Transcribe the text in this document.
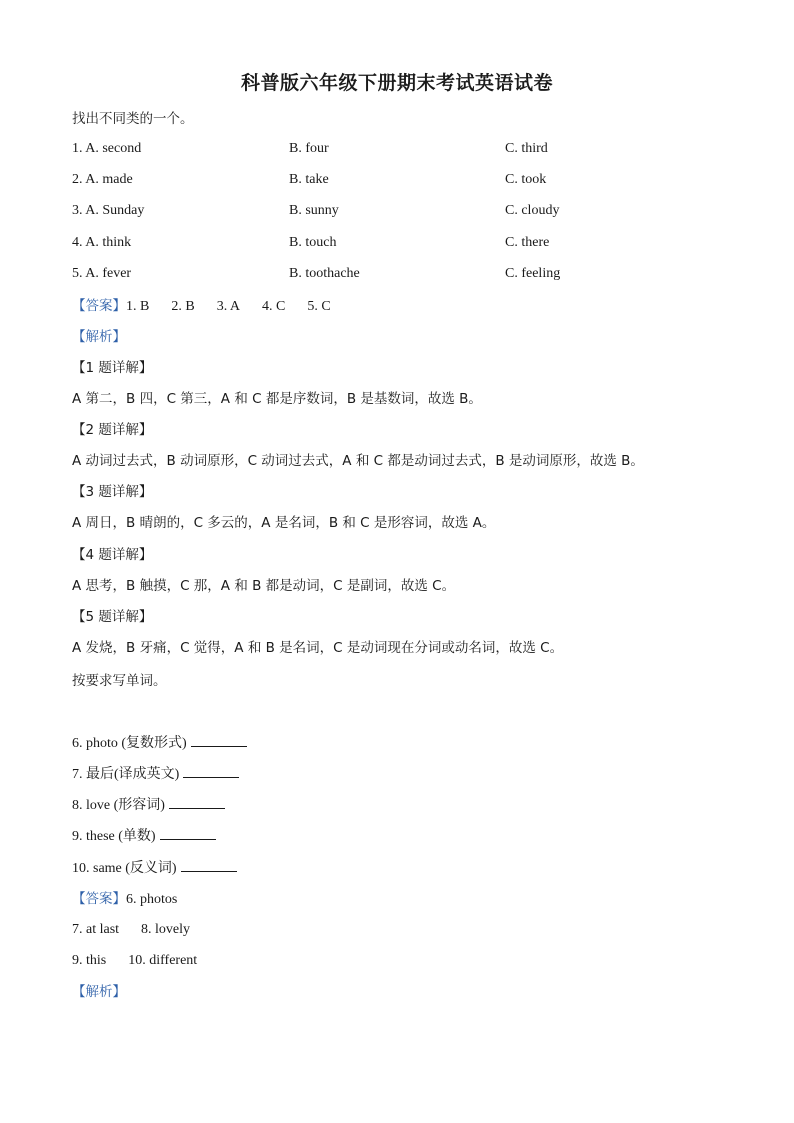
科普版六年级下册期末考试英语试卷
找出不同类的一个。
1. A. second	B. four	C. third
2. A. made	B. take	C. took
3. A. Sunday	B. sunny	C. cloudy
4. A. think	B. touch	C. there
5. A. fever	B. toothache	C. feeling
【答案】1. B 2. B 3. A 4. C 5. C
【解析】
【1 题详解】
A 第二，B 四，C 第三，A 和 C 都是序数词，B 是基数词，故选 B。
【2 题详解】
A 动词过去式，B 动词原形，C 动词过去式，A 和 C 都是动词过去式，B 是动词原形，故选 B。
【3 题详解】
A 周日，B 晴朗的，C 多云的，A 是名词，B 和 C 是形容词，故选 A。
【4 题详解】
A 思考，B 触摸，C 那，A 和 B 都是动词，C 是副词，故选 C。
【5 题详解】
A 发烧，B 牙痛，C 觉得，A 和 B 是名词，C 是动词现在分词或动名词，故选 C。
按要求写单词。
6. photo (复数形式)
7. 最后(译成英文)
8. love (形容词)
9. these (单数)
10. same (反义词)
【答案】6. photos
7. at last 8. lovely
9. this 10. different
【解析】
